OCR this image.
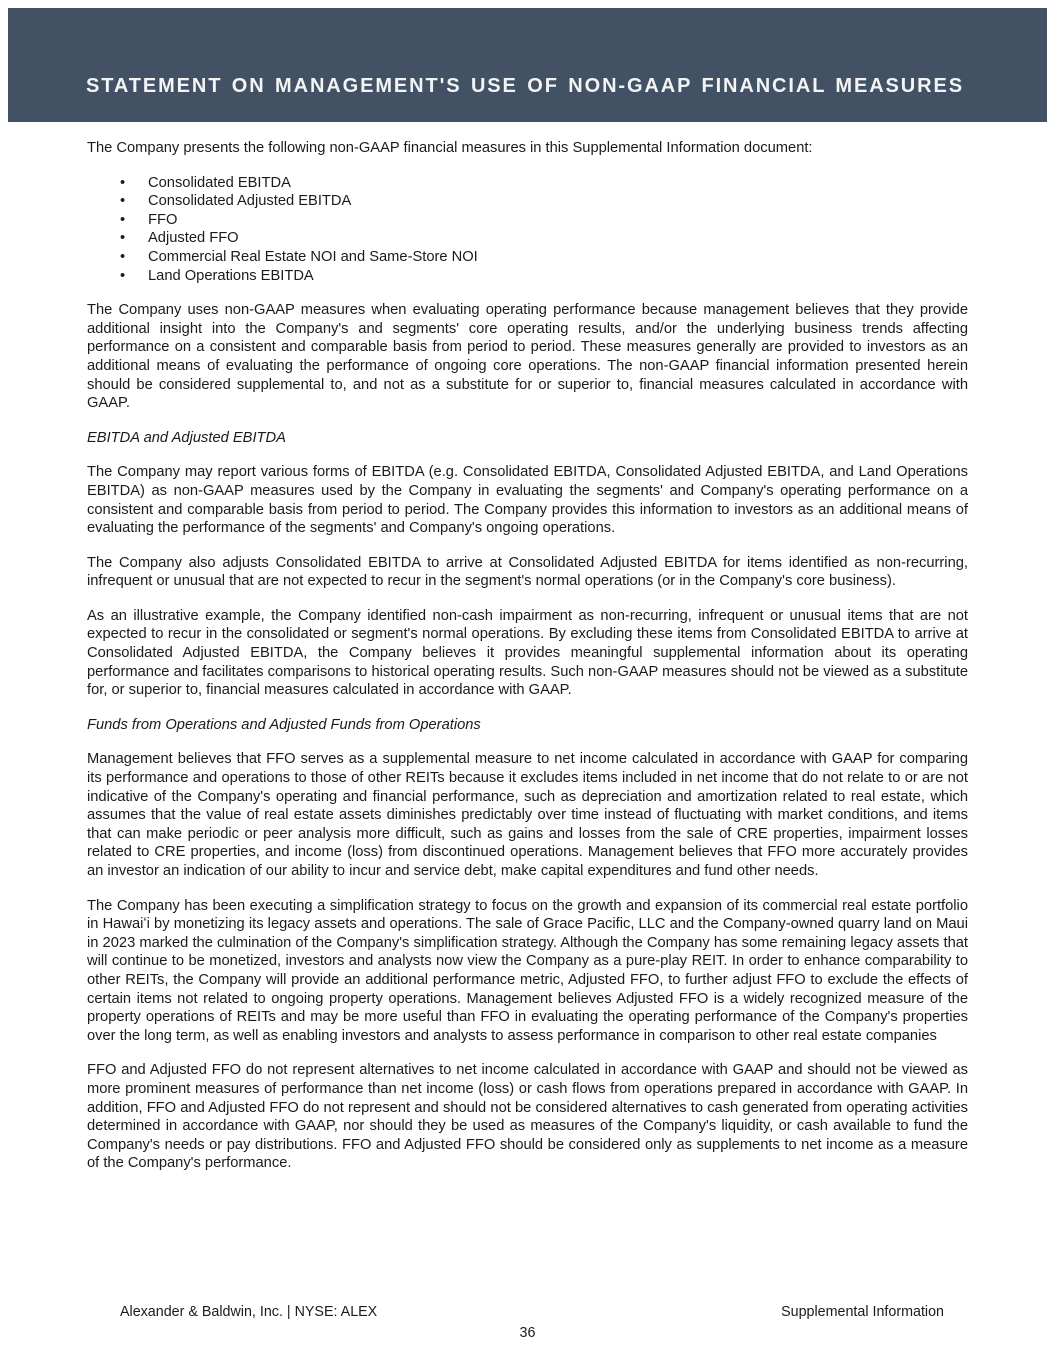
STATEMENT ON MANAGEMENT'S USE OF NON-GAAP FINANCIAL MEASURES

The Company presents the following non-GAAP financial measures in this Supplemental Information document:

• Consolidated EBITDA
• Consolidated Adjusted EBITDA
• FFO
• Adjusted FFO
• Commercial Real Estate NOI and Same-Store NOI
• Land Operations EBITDA

The Company uses non-GAAP measures when evaluating operating performance because management believes that they provide additional insight into the Company's and segments' core operating results, and/or the underlying business trends affecting performance on a consistent and comparable basis from period to period. These measures generally are provided to investors as an additional means of evaluating the performance of ongoing core operations. The non-GAAP financial information presented herein should be considered supplemental to, and not as a substitute for or superior to, financial measures calculated in accordance with GAAP.

EBITDA and Adjusted EBITDA

The Company may report various forms of EBITDA (e.g. Consolidated EBITDA, Consolidated Adjusted EBITDA, and Land Operations EBITDA) as non-GAAP measures used by the Company in evaluating the segments' and Company's operating performance on a consistent and comparable basis from period to period. The Company provides this information to investors as an additional means of evaluating the performance of the segments' and Company's ongoing operations.

The Company also adjusts Consolidated EBITDA to arrive at Consolidated Adjusted EBITDA for items identified as non-recurring, infrequent or unusual that are not expected to recur in the segment's normal operations (or in the Company's core business).

As an illustrative example, the Company identified non-cash impairment as non-recurring, infrequent or unusual items that are not expected to recur in the consolidated or segment's normal operations. By excluding these items from Consolidated EBITDA to arrive at Consolidated Adjusted EBITDA, the Company believes it provides meaningful supplemental information about its operating performance and facilitates comparisons to historical operating results. Such non-GAAP measures should not be viewed as a substitute for, or superior to, financial measures calculated in accordance with GAAP.

Funds from Operations and Adjusted Funds from Operations

Management believes that FFO serves as a supplemental measure to net income calculated in accordance with GAAP for comparing its performance and operations to those of other REITs because it excludes items included in net income that do not relate to or are not indicative of the Company's operating and financial performance, such as depreciation and amortization related to real estate, which assumes that the value of real estate assets diminishes predictably over time instead of fluctuating with market conditions, and items that can make periodic or peer analysis more difficult, such as gains and losses from the sale of CRE properties, impairment losses related to CRE properties, and income (loss) from discontinued operations. Management believes that FFO more accurately provides an investor an indication of our ability to incur and service debt, make capital expenditures and fund other needs.

The Company has been executing a simplification strategy to focus on the growth and expansion of its commercial real estate portfolio in Hawaiʻi by monetizing its legacy assets and operations. The sale of Grace Pacific, LLC and the Company-owned quarry land on Maui in 2023 marked the culmination of the Company's simplification strategy. Although the Company has some remaining legacy assets that will continue to be monetized, investors and analysts now view the Company as a pure-play REIT. In order to enhance comparability to other REITs, the Company will provide an additional performance metric, Adjusted FFO, to further adjust FFO to exclude the effects of certain items not related to ongoing property operations. Management believes Adjusted FFO is a widely recognized measure of the property operations of REITs and may be more useful than FFO in evaluating the operating performance of the Company's properties over the long term, as well as enabling investors and analysts to assess performance in comparison to other real estate companies

FFO and Adjusted FFO do not represent alternatives to net income calculated in accordance with GAAP and should not be viewed as more prominent measures of performance than net income (loss) or cash flows from operations prepared in accordance with GAAP. In addition, FFO and Adjusted FFO do not represent and should not be considered alternatives to cash generated from operating activities determined in accordance with GAAP, nor should they be used as measures of the Company's liquidity, or cash available to fund the Company's needs or pay distributions. FFO and Adjusted FFO should be considered only as supplements to net income as a measure of the Company's performance.

Alexander & Baldwin, Inc. | NYSE: ALEX	Supplemental Information
36
